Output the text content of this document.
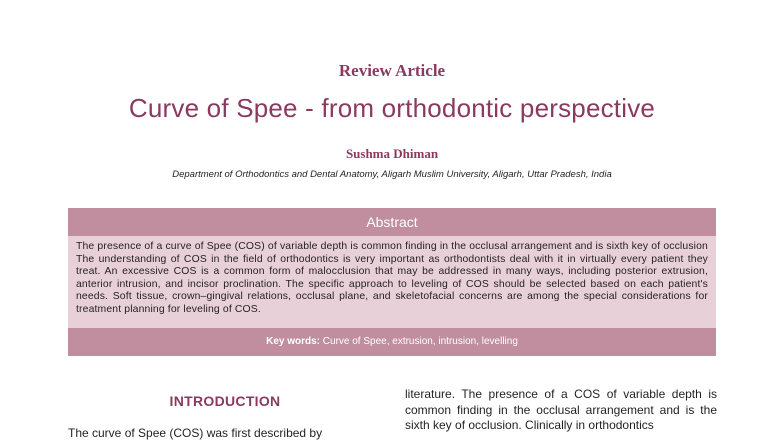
Review Article
Curve of Spee - from orthodontic perspective
Sushma Dhiman
Department of Orthodontics and Dental Anatomy, Aligarh Muslim University, Aligarh, Uttar Pradesh, India
Abstract
The presence of a curve of Spee (COS) of variable depth is common finding in the occlusal arrangement and is sixth key of occlusion The understanding of COS in the field of orthodontics is very important as orthodontists deal with it in virtually every patient they treat. An excessive COS is a common form of malocclusion that may be addressed in many ways, including posterior extrusion, anterior intrusion, and incisor proclination. The specific approach to leveling of COS should be selected based on each patient's needs. Soft tissue, crown–gingival relations, occlusal plane, and skeletofacial concerns are among the special considerations for treatment planning for leveling of COS.
Key words: Curve of Spee, extrusion, intrusion, levelling
INTRODUCTION
The curve of Spee (COS) was first described by
literature. The presence of a COS of variable depth is common finding in the occlusal arrangement and is the sixth key of occlusion. Clinically in orthodontics
